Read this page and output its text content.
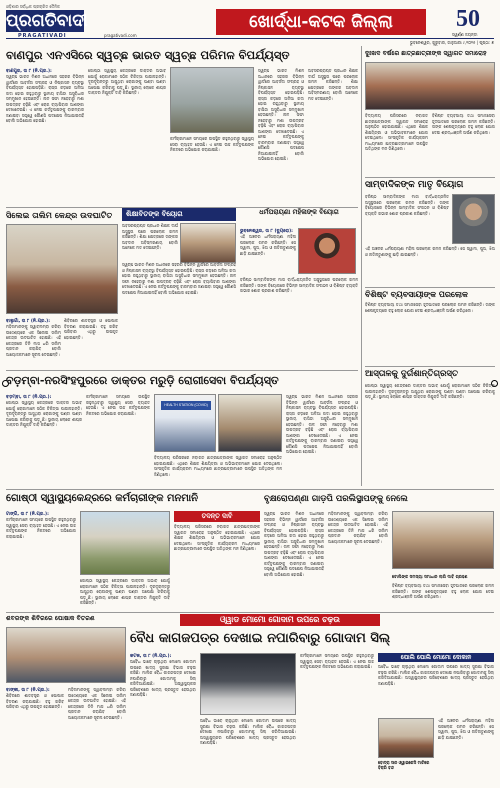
ଓଡ଼ିଶାର ସର୍ବାଧିକ ପ୍ରଚାରିତ ଦୈନିକ
ପ୍ରଗତିବାଦୀ
PRAGATIVADI	pragativadi.com
ଖୋର୍ଦ୍ଧା-କଟକ ଜିଲ୍ଲା	50
ସ୍ୱର୍ଣ୍ଣ ଜୟନ୍ତୀ
ଭୁବନେଶ୍ୱର, ଗୁରୁବାର, ଜାନୁଆରୀ ୯,୨୦୨୫ | ପୃଷ୍ଠା: ୭
ବାଣପୁର ଏନଏସିରେ ସ୍ୱଚ୍ଛ ଭାରତ ସ୍ୱଚ୍ଛ ପରିମଳ ବିପର୍ଯ୍ୟସ୍ତ
ବାଣପୁର, ତା ୮ (ନି.ପ୍ର.):
ସ୍ୱଚ୍ଛ ଭାରତ ମିଶନ ଅଧୀନରେ ସହରର ବିଭିନ୍ନ ୱାର୍ଡରେ ଆବର୍ଜନା ସଂଗ୍ରହ ଓ ନିଷ୍କାସନ ବ୍ୟବସ୍ଥା ବିପର୍ଯ୍ୟସ୍ତ ହୋଇପଡ଼ିଛି। ରାସ୍ତା କଡ଼ରେ ଅଳିଆ ଗଦା ହୋଇ ରହୁଥିବାରୁ ସ୍ଥାନୀୟ ବାସିନ୍ଦା ଅସୁବିଧାର ସମ୍ମୁଖୀନ ହେଉଛନ୍ତି। ନାଳ ସଫା ନହେବାରୁ ମଶା ଉପଦ୍ରବ ବଢ଼ିଛି ଏବଂ ରୋଗ ବ୍ୟାପିବାର ଆଶଙ୍କା ଦେଖାଦେଇଛି। ଏ ନେଇ କର୍ତ୍ତୃପକ୍ଷଙ୍କୁ ବାରମ୍ବାର ଜଣାଇବା ସତ୍ତ୍ୱେ କୌଣସି ପଦକ୍ଷେପ ନିଆଯାଇନାହିଁ ବୋଲି ଅଭିଯୋଗ ହୋଇଛି।
ଗୋଷ୍ଠୀ ସ୍ୱାସ୍ଥ୍ୟ କେନ୍ଦ୍ରରେ ଡାକ୍ତର ଅଭାବ ଯୋଗୁଁ ରୋଗୀମାନେ ସଠିକ ଚିକିତ୍ସା ପାଉନାହାନ୍ତି। ଦୂରଦୂରାନ୍ତରୁ ଆସୁଥିବା ରୋଗୀଙ୍କୁ ଘଣ୍ଟା ଘଣ୍ଟା ଅପେକ୍ଷା କରିବାକୁ ପଡ଼ୁଛି। ସ୍ଥାନୀୟ ଲୋକେ ଶୀଘ୍ର ଡାକ୍ତର ନିଯୁକ୍ତି ଦାବି କରିଛନ୍ତି।
କର୍ମଚାରୀମାନେ ସମୟରେ ଉପସ୍ଥିତ ରହୁନଥିବାରୁ ସ୍ୱାସ୍ଥ୍ୟ ସେବା ବ୍ୟାହତ ହେଉଛି। ଏ ନେଇ ଉଚ୍ଚ କର୍ତ୍ତୃପକ୍ଷଙ୍କ ନିକଟରେ ଅଭିଯୋଗ କରାଯାଇଛି।
ସ୍ୱଚ୍ଛ ଭାରତ ମିଶନ ଅଧୀନରେ ସହରର ବିଭିନ୍ନ ୱାର୍ଡରେ ଆବର୍ଜନା ସଂଗ୍ରହ ଓ ନିଷ୍କାସନ ବ୍ୟବସ୍ଥା ବିପର୍ଯ୍ୟସ୍ତ ହୋଇପଡ଼ିଛି। ରାସ୍ତା କଡ଼ରେ ଅଳିଆ ଗଦା ହୋଇ ରହୁଥିବାରୁ ସ୍ଥାନୀୟ ବାସିନ୍ଦା ଅସୁବିଧାର ସମ୍ମୁଖୀନ ହେଉଛନ୍ତି। ନାଳ ସଫା ନହେବାରୁ ମଶା ଉପଦ୍ରବ ବଢ଼ିଛି ଏବଂ ରୋଗ ବ୍ୟାପିବାର ଆଶଙ୍କା ଦେଖାଦେଇଛି। ଏ ନେଇ କର୍ତ୍ତୃପକ୍ଷଙ୍କୁ ବାରମ୍ବାର ଜଣାଇବା ସତ୍ତ୍ୱେ କୌଣସି ପଦକ୍ଷେପ ନିଆଯାଇନାହିଁ ବୋଲି ଅଭିଯୋଗ ହୋଇଛି।
ଅବସରପ୍ରାପ୍ତ ପ୍ରଧାନ ଶିକ୍ଷକ ଦୀର୍ଘ ଅସୁସ୍ଥତା ପରେ ପରଲୋକ ଗମନ କରିଛନ୍ତି। ଶିକ୍ଷା କ୍ଷେତ୍ରରେ ତାଙ୍କର ଅବଦାନ ଅବିସ୍ମରଣୀୟ ବୋଲି ଅନେକେ ମତ ଦେଇଛନ୍ତି।
ଦୁଃଖଦ ବର୍ଷରେ ଛାତ୍ରଛାତ୍ରୀଙ୍କ ସ୍ୱାଗତ ସମାରୋହ
ବିଦ୍ୟାଳୟ ପରିସରରେ ନବାଗତ ଛାତ୍ରଛାତ୍ରୀଙ୍କ ସ୍ୱାଗତ ସମାରୋହ ଅନୁଷ୍ଠିତ ହୋଇଯାଇଛି। ଏଥିରେ ଶିକ୍ଷକ ଶିକ୍ଷୟିତ୍ରୀ ଓ ଅଭିଭାବକମାନେ ଯୋଗ ଦେଇଥିଲେ। ସାଂସ୍କୃତିକ କାର୍ଯ୍ୟକ୍ରମ ମାଧ୍ୟମରେ ଛାତ୍ରଛାତ୍ରୀମାନେ ଉପସ୍ଥିତ ଅତିଥିଙ୍କ ମନ ଜିଣିଥିଲେ।
ବିଶିଷ୍ଟ ବ୍ୟବସାୟୀ ତଥା ସମାଜସେବୀ ହୃଦଘାତରେ ପରଲୋକ ଗମନ କରିଛନ୍ତି। ତାଙ୍କ ଶେଷକୃତ୍ୟରେ ବହୁ ଲୋକ ଯୋଗ ଦେଇ ଶ୍ରଦ୍ଧାଞ୍ଜଳି ଅର୍ପଣ କରିଥିଲେ।
ସାମ୍ବାଦିକଙ୍କ ମାତୃ ବିୟୋଗ
ବରିଷ୍ଠ ସାମ୍ବାଦିକଙ୍କ ମାତା ବାର୍ଦ୍ଧକ୍ୟଜନିତ ଅସୁସ୍ଥତାରେ ପରଲୋକ ଗମନ କରିଛନ୍ତି। ତାଙ୍କ ବିୟୋଗରେ ବିଭିନ୍ନ ସାମ୍ବାଦିକ ସଂଗଠନ ଓ ବିଶିଷ୍ଟ ବ୍ୟକ୍ତି ଗଭୀର ଶୋକ ପ୍ରକାଶ କରିଛନ୍ତି।
ଏହି ଅଞ୍ଚଳର ଧର୍ମପରାୟଣା ମହିଳା ପରଲୋକ ଗମନ କରିଛନ୍ତି। ସେ ସ୍ୱାମୀ, ପୁଅ, ଝିଅ ଓ ନାତିନାତୁଣୀଙ୍କୁ ଛାଡ଼ି ଯାଇଛନ୍ତି।
ବିଶିଷ୍ଟ ବ୍ୟବସାୟୀଙ୍କ ପରଲୋକ
ବିଶିଷ୍ଟ ବ୍ୟବସାୟୀ ତଥା ସମାଜସେବୀ ହୃଦଘାତରେ ପରଲୋକ ଗମନ କରିଛନ୍ତି। ତାଙ୍କ ଶେଷକୃତ୍ୟରେ ବହୁ ଲୋକ ଯୋଗ ଦେଇ ଶ୍ରଦ୍ଧାଞ୍ଜଳି ଅର୍ପଣ କରିଥିଲେ।
ଆସ୍ତାଳକୁ ଦୁର୍ଗଶାନ୍ତିଗ୍ରସ୍ତ
ଗୋଷ୍ଠୀ ସ୍ୱାସ୍ଥ୍ୟ କେନ୍ଦ୍ରରେ ଡାକ୍ତର ଅଭାବ ଯୋଗୁଁ ରୋଗୀମାନେ ସଠିକ ଚିକିତ୍ସା ପାଉନାହାନ୍ତି। ଦୂରଦୂରାନ୍ତରୁ ଆସୁଥିବା ରୋଗୀଙ୍କୁ ଘଣ୍ଟା ଘଣ୍ଟା ଅପେକ୍ଷା କରିବାକୁ ପଡ଼ୁଛି। ସ୍ଥାନୀୟ ଲୋକେ ଶୀଘ୍ର ଡାକ୍ତର ନିଯୁକ୍ତି ଦାବି କରିଛନ୍ତି।
ସିଲେଇ ତାଲିମ କେନ୍ଦ୍ର ଉଦଘାଟିତ
ବାଲୁଗାଁ, ତା ୮ (ନି.ପ୍ର.):
ମହିଳାମାନଙ୍କୁ ସ୍ୱାବଲମ୍ବୀ କରିବା ଉଦ୍ଦେଶ୍ୟରେ ଏକ ସିଲେଇ ତାଲିମ କେନ୍ଦ୍ର ଉଦଘାଟିତ ହୋଇଛି। ଏହି କେନ୍ଦ୍ରରେ ତିନି ମାସ ଧରି ତାଲିମ ପ୍ରଦାନ କରାଯିବ ବୋଲି ଆୟୋଜକମାନେ ସୂଚନା ଦେଇଛନ୍ତି।
ଶିବିରରେ ଶୀତବସ୍ତ୍ର ଓ ପୋଷାକ ବିତରଣ କରାଯାଇଛି। ବହୁ ଗରିବ ପରିବାର ଏଥିରୁ ଉପକୃତ ହୋଇଛନ୍ତି।
ଶିକ୍ଷାବିତଙ୍କ ବିୟୋଗ
ଅବସରପ୍ରାପ୍ତ ପ୍ରଧାନ ଶିକ୍ଷକ ଦୀର୍ଘ ଅସୁସ୍ଥତା ପରେ ପରଲୋକ ଗମନ କରିଛନ୍ତି। ଶିକ୍ଷା କ୍ଷେତ୍ରରେ ତାଙ୍କର ଅବଦାନ ଅବିସ୍ମରଣୀୟ ବୋଲି ଅନେକେ ମତ ଦେଇଛନ୍ତି।
ସ୍ୱଚ୍ଛ ଭାରତ ମିଶନ ଅଧୀନରେ ସହରର ବିଭିନ୍ନ ୱାର୍ଡରେ ଆବର୍ଜନା ସଂଗ୍ରହ ଓ ନିଷ୍କାସନ ବ୍ୟବସ୍ଥା ବିପର୍ଯ୍ୟସ୍ତ ହୋଇପଡ଼ିଛି। ରାସ୍ତା କଡ଼ରେ ଅଳିଆ ଗଦା ହୋଇ ରହୁଥିବାରୁ ସ୍ଥାନୀୟ ବାସିନ୍ଦା ଅସୁବିଧାର ସମ୍ମୁଖୀନ ହେଉଛନ୍ତି। ନାଳ ସଫା ନହେବାରୁ ମଶା ଉପଦ୍ରବ ବଢ଼ିଛି ଏବଂ ରୋଗ ବ୍ୟାପିବାର ଆଶଙ୍କା ଦେଖାଦେଇଛି। ଏ ନେଇ କର୍ତ୍ତୃପକ୍ଷଙ୍କୁ ବାରମ୍ବାର ଜଣାଇବା ସତ୍ତ୍ୱେ କୌଣସି ପଦକ୍ଷେପ ନିଆଯାଇନାହିଁ ବୋଲି ଅଭିଯୋଗ ହୋଇଛି।
ଧର୍ମପରାୟଣା ମହିଳାଙ୍କ ବିୟୋଗ
ଭୁବନେଶ୍ୱର, ତା ୮ (ବ୍ୟୁରୋ):
ଏହି ଅଞ୍ଚଳର ଧର୍ମପରାୟଣା ମହିଳା ପରଲୋକ ଗମନ କରିଛନ୍ତି। ସେ ସ୍ୱାମୀ, ପୁଅ, ଝିଅ ଓ ନାତିନାତୁଣୀଙ୍କୁ ଛାଡ଼ି ଯାଇଛନ୍ତି।
ବରିଷ୍ଠ ସାମ୍ବାଦିକଙ୍କ ମାତା ବାର୍ଦ୍ଧକ୍ୟଜନିତ ଅସୁସ୍ଥତାରେ ପରଲୋକ ଗମନ କରିଛନ୍ତି। ତାଙ୍କ ବିୟୋଗରେ ବିଭିନ୍ନ ସାମ୍ବାଦିକ ସଂଗଠନ ଓ ବିଶିଷ୍ଟ ବ୍ୟକ୍ତି ଗଭୀର ଶୋକ ପ୍ରକାଶ କରିଛନ୍ତି।
ବଡ଼ମ୍ବା-ନରସିଂହପୁରରେ ଡାକ୍ତର ମରୁଡ଼ି ରୋଗୀସେବା ବିପର୍ଯ୍ୟସ୍ତ
ବଡ଼ମ୍ବା, ତା ୮ (ନି.ପ୍ର.):
ଗୋଷ୍ଠୀ ସ୍ୱାସ୍ଥ୍ୟ କେନ୍ଦ୍ରରେ ଡାକ୍ତର ଅଭାବ ଯୋଗୁଁ ରୋଗୀମାନେ ସଠିକ ଚିକିତ୍ସା ପାଉନାହାନ୍ତି। ଦୂରଦୂରାନ୍ତରୁ ଆସୁଥିବା ରୋଗୀଙ୍କୁ ଘଣ୍ଟା ଘଣ୍ଟା ଅପେକ୍ଷା କରିବାକୁ ପଡ଼ୁଛି। ସ୍ଥାନୀୟ ଲୋକେ ଶୀଘ୍ର ଡାକ୍ତର ନିଯୁକ୍ତି ଦାବି କରିଛନ୍ତି।
କର୍ମଚାରୀମାନେ ସମୟରେ ଉପସ୍ଥିତ ରହୁନଥିବାରୁ ସ୍ୱାସ୍ଥ୍ୟ ସେବା ବ୍ୟାହତ ହେଉଛି। ଏ ନେଇ ଉଚ୍ଚ କର୍ତ୍ତୃପକ୍ଷଙ୍କ ନିକଟରେ ଅଭିଯୋଗ କରାଯାଇଛି।
HEALTH STATION (COVID)
ବିଦ୍ୟାଳୟ ପରିସରରେ ନବାଗତ ଛାତ୍ରଛାତ୍ରୀଙ୍କ ସ୍ୱାଗତ ସମାରୋହ ଅନୁଷ୍ଠିତ ହୋଇଯାଇଛି। ଏଥିରେ ଶିକ୍ଷକ ଶିକ୍ଷୟିତ୍ରୀ ଓ ଅଭିଭାବକମାନେ ଯୋଗ ଦେଇଥିଲେ। ସାଂସ୍କୃତିକ କାର୍ଯ୍ୟକ୍ରମ ମାଧ୍ୟମରେ ଛାତ୍ରଛାତ୍ରୀମାନେ ଉପସ୍ଥିତ ଅତିଥିଙ୍କ ମନ ଜିଣିଥିଲେ।
ସ୍ୱଚ୍ଛ ଭାରତ ମିଶନ ଅଧୀନରେ ସହରର ବିଭିନ୍ନ ୱାର୍ଡରେ ଆବର୍ଜନା ସଂଗ୍ରହ ଓ ନିଷ୍କାସନ ବ୍ୟବସ୍ଥା ବିପର୍ଯ୍ୟସ୍ତ ହୋଇପଡ଼ିଛି। ରାସ୍ତା କଡ଼ରେ ଅଳିଆ ଗଦା ହୋଇ ରହୁଥିବାରୁ ସ୍ଥାନୀୟ ବାସିନ୍ଦା ଅସୁବିଧାର ସମ୍ମୁଖୀନ ହେଉଛନ୍ତି। ନାଳ ସଫା ନହେବାରୁ ମଶା ଉପଦ୍ରବ ବଢ଼ିଛି ଏବଂ ରୋଗ ବ୍ୟାପିବାର ଆଶଙ୍କା ଦେଖାଦେଇଛି। ଏ ନେଇ କର୍ତ୍ତୃପକ୍ଷଙ୍କୁ ବାରମ୍ବାର ଜଣାଇବା ସତ୍ତ୍ୱେ କୌଣସି ପଦକ୍ଷେପ ନିଆଯାଇନାହିଁ ବୋଲି ଅଭିଯୋଗ ହୋଇଛି।
ଗୋଷ୍ଠୀ ସ୍ୱାସ୍ଥ୍ୟକେନ୍ଦ୍ରରେ କର୍ମଚାରୀଙ୍କ ମନମାନି
ଟାଙ୍ଗି, ତା ୮ (ନି.ପ୍ର.):
କର୍ମଚାରୀମାନେ ସମୟରେ ଉପସ୍ଥିତ ରହୁନଥିବାରୁ ସ୍ୱାସ୍ଥ୍ୟ ସେବା ବ୍ୟାହତ ହେଉଛି। ଏ ନେଇ ଉଚ୍ଚ କର୍ତ୍ତୃପକ୍ଷଙ୍କ ନିକଟରେ ଅଭିଯୋଗ କରାଯାଇଛି।
ଗୋଷ୍ଠୀ ସ୍ୱାସ୍ଥ୍ୟ କେନ୍ଦ୍ରରେ ଡାକ୍ତର ଅଭାବ ଯୋଗୁଁ ରୋଗୀମାନେ ସଠିକ ଚିକିତ୍ସା ପାଉନାହାନ୍ତି। ଦୂରଦୂରାନ୍ତରୁ ଆସୁଥିବା ରୋଗୀଙ୍କୁ ଘଣ୍ଟା ଘଣ୍ଟା ଅପେକ୍ଷା କରିବାକୁ ପଡ଼ୁଛି। ସ୍ଥାନୀୟ ଲୋକେ ଶୀଘ୍ର ଡାକ୍ତର ନିଯୁକ୍ତି ଦାବି କରିଛନ୍ତି।
ତଦନ୍ତ ଦାବି
ବିଦ୍ୟାଳୟ ପରିସରରେ ନବାଗତ ଛାତ୍ରଛାତ୍ରୀଙ୍କ ସ୍ୱାଗତ ସମାରୋହ ଅନୁଷ୍ଠିତ ହୋଇଯାଇଛି। ଏଥିରେ ଶିକ୍ଷକ ଶିକ୍ଷୟିତ୍ରୀ ଓ ଅଭିଭାବକମାନେ ଯୋଗ ଦେଇଥିଲେ। ସାଂସ୍କୃତିକ କାର୍ଯ୍ୟକ୍ରମ ମାଧ୍ୟମରେ ଛାତ୍ରଛାତ୍ରୀମାନେ ଉପସ୍ଥିତ ଅତିଥିଙ୍କ ମନ ଜିଣିଥିଲେ।
ବୃକ୍ଷରୋପଣ୍ଣା ଗାଡ଼ପି ପରଲିସ୍ଥାପଙ୍କୁ ନେଲେ
ସ୍ୱଚ୍ଛ ଭାରତ ମିଶନ ଅଧୀନରେ ସହରର ବିଭିନ୍ନ ୱାର୍ଡରେ ଆବର୍ଜନା ସଂଗ୍ରହ ଓ ନିଷ୍କାସନ ବ୍ୟବସ୍ଥା ବିପର୍ଯ୍ୟସ୍ତ ହୋଇପଡ଼ିଛି। ରାସ୍ତା କଡ଼ରେ ଅଳିଆ ଗଦା ହୋଇ ରହୁଥିବାରୁ ସ୍ଥାନୀୟ ବାସିନ୍ଦା ଅସୁବିଧାର ସମ୍ମୁଖୀନ ହେଉଛନ୍ତି। ନାଳ ସଫା ନହେବାରୁ ମଶା ଉପଦ୍ରବ ବଢ଼ିଛି ଏବଂ ରୋଗ ବ୍ୟାପିବାର ଆଶଙ୍କା ଦେଖାଦେଇଛି। ଏ ନେଇ କର୍ତ୍ତୃପକ୍ଷଙ୍କୁ ବାରମ୍ବାର ଜଣାଇବା ସତ୍ତ୍ୱେ କୌଣସି ପଦକ୍ଷେପ ନିଆଯାଇନାହିଁ ବୋଲି ଅଭିଯୋଗ ହୋଇଛି।
ମହିଳାମାନଙ୍କୁ ସ୍ୱାବଲମ୍ବୀ କରିବା ଉଦ୍ଦେଶ୍ୟରେ ଏକ ସିଲେଇ ତାଲିମ କେନ୍ଦ୍ର ଉଦଘାଟିତ ହୋଇଛି। ଏହି କେନ୍ଦ୍ରରେ ତିନି ମାସ ଧରି ତାଲିମ ପ୍ରଦାନ କରାଯିବ ବୋଲି ଆୟୋଜକମାନେ ସୂଚନା ଦେଇଛନ୍ତି।
ଟୋଲିଙ୍କ ସମସ୍ୟା ସମାଧାନ ଲାଗି ଦାବି ଗ୍ରହଣ
ବିଶିଷ୍ଟ ବ୍ୟବସାୟୀ ତଥା ସମାଜସେବୀ ହୃଦଘାତରେ ପରଲୋକ ଗମନ କରିଛନ୍ତି। ତାଙ୍କ ଶେଷକୃତ୍ୟରେ ବହୁ ଲୋକ ଯୋଗ ଦେଇ ଶ୍ରଦ୍ଧାଞ୍ଜଳି ଅର୍ପଣ କରିଥିଲେ।
ଶବରଙ୍କ ଶିବିରରେ ପୋଷାକ ବିତରଣ
ବାଙ୍କୀ, ତା ୮ (ନି.ପ୍ର.):
ଶିବିରରେ ଶୀତବସ୍ତ୍ର ଓ ପୋଷାକ ବିତରଣ କରାଯାଇଛି। ବହୁ ଗରିବ ପରିବାର ଏଥିରୁ ଉପକୃତ ହୋଇଛନ୍ତି।
ମହିଳାମାନଙ୍କୁ ସ୍ୱାବଲମ୍ବୀ କରିବା ଉଦ୍ଦେଶ୍ୟରେ ଏକ ସିଲେଇ ତାଲିମ କେନ୍ଦ୍ର ଉଦଘାଟିତ ହୋଇଛି। ଏହି କେନ୍ଦ୍ରରେ ତିନି ମାସ ଧରି ତାଲିମ ପ୍ରଦାନ କରାଯିବ ବୋଲି ଆୟୋଜକମାନେ ସୂଚନା ଦେଇଛନ୍ତି।
ଓ୍ୱାଡ ମୋମୋ ଗୋଦାମ ଉପରେ ଚଢ଼ଉ
ବୈଧ କାଗଜପତ୍ର ଦେଖାଇ ନପାରିବାରୁ ଗୋଦାମ ସିଲ୍
କଟକ, ତା ୮ (ନି.ପ୍ର.):
ଅବୈଧ ଭାବେ ଚାଲୁଥିବା ମୋମୋ ଗୋଦାମ ଉପରେ ଖାଦ୍ୟ ସୁରକ୍ଷା ବିଭାଗ ଚଢ଼ଉ କରିଛି। ମାଲିକ ବୈଧ କାଗଜପତ୍ର ଦେଖାଇ ନପାରିବାରୁ ଗୋଦାମକୁ ସିଲ୍ କରିଦିଆଯାଇଛି। ଅସ୍ୱାସ୍ଥ୍ୟକର ପରିବେଶରେ ଖାଦ୍ୟ ପ୍ରସ୍ତୁତ ହେଉଥିବା ଜଣାପଡ଼ିଛି।
ଅବୈଧ ଭାବେ ଚାଲୁଥିବା ମୋମୋ ଗୋଦାମ ଉପରେ ଖାଦ୍ୟ ସୁରକ୍ଷା ବିଭାଗ ଚଢ଼ଉ କରିଛି। ମାଲିକ ବୈଧ କାଗଜପତ୍ର ଦେଖାଇ ନପାରିବାରୁ ଗୋଦାମକୁ ସିଲ୍ କରିଦିଆଯାଇଛି। ଅସ୍ୱାସ୍ଥ୍ୟକର ପରିବେଶରେ ଖାଦ୍ୟ ପ୍ରସ୍ତୁତ ହେଉଥିବା ଜଣାପଡ଼ିଛି।
କର୍ମଚାରୀମାନେ ସମୟରେ ଉପସ୍ଥିତ ରହୁନଥିବାରୁ ସ୍ୱାସ୍ଥ୍ୟ ସେବା ବ୍ୟାହତ ହେଉଛି। ଏ ନେଇ ଉଚ୍ଚ କର୍ତ୍ତୃପକ୍ଷଙ୍କ ନିକଟରେ ଅଭିଯୋଗ କରାଯାଇଛି।
ପୋଲି ପୋଲି ମୋମୋ ଦୋକାନ
ଅବୈଧ ଭାବେ ଚାଲୁଥିବା ମୋମୋ ଗୋଦାମ ଉପରେ ଖାଦ୍ୟ ସୁରକ୍ଷା ବିଭାଗ ଚଢ଼ଉ କରିଛି। ମାଲିକ ବୈଧ କାଗଜପତ୍ର ଦେଖାଇ ନପାରିବାରୁ ଗୋଦାମକୁ ସିଲ୍ କରିଦିଆଯାଇଛି। ଅସ୍ୱାସ୍ଥ୍ୟକର ପରିବେଶରେ ଖାଦ୍ୟ ପ୍ରସ୍ତୁତ ହେଉଥିବା ଜଣାପଡ଼ିଛି।
ଏହି ଅଞ୍ଚଳର ଧର୍ମପରାୟଣା ମହିଳା ପରଲୋକ ଗମନ କରିଛନ୍ତି। ସେ ସ୍ୱାମୀ, ପୁଅ, ଝିଅ ଓ ନାତିନାତୁଣୀଙ୍କୁ ଛାଡ଼ି ଯାଇଛନ୍ତି।
ବୋଦ୍ରା ସାନ ଓ୍ୱାଇକେସି ମାଟିରେ ବିକ୍ରି ବନ୍ଦ
